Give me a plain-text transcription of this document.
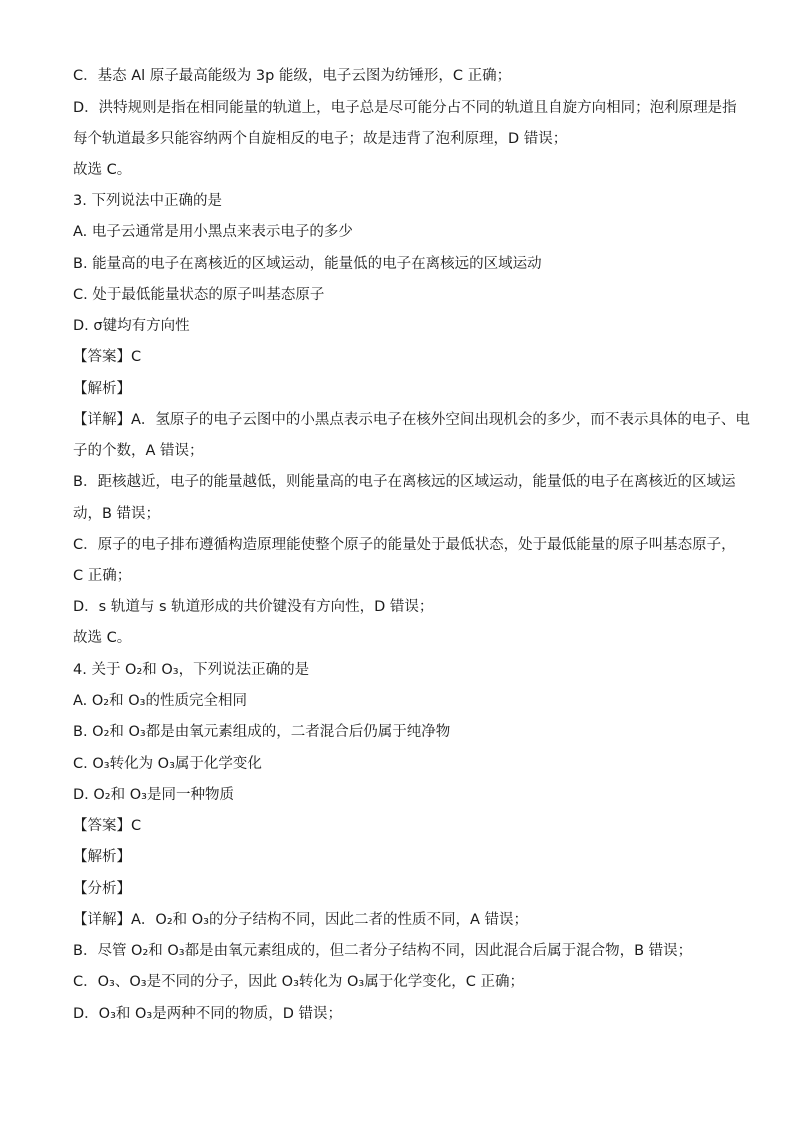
C．基态 Al 原子最高能级为 3p 能级，电子云图为纺锤形，C 正确；
D．洪特规则是指在相同能量的轨道上，电子总是尽可能分占不同的轨道且自旋方向相同；泡利原理是指
每个轨道最多只能容纳两个自旋相反的电子；故是违背了泡利原理，D 错误；
故选 C。
3. 下列说法中正确的是
A. 电子云通常是用小黑点来表示电子的多少
B. 能量高的电子在离核近的区域运动，能量低的电子在离核远的区域运动
C. 处于最低能量状态的原子叫基态原子
D. σ键均有方向性
【答案】C
【解析】
【详解】A．氢原子的电子云图中的小黑点表示电子在核外空间出现机会的多少，而不表示具体的电子、电
子的个数，A 错误；
B．距核越近，电子的能量越低，则能量高的电子在离核远的区域运动，能量低的电子在离核近的区域运
动，B 错误；
C．原子的电子排布遵循构造原理能使整个原子的能量处于最低状态，处于最低能量的原子叫基态原子，
C 正确；
D．s 轨道与 s 轨道形成的共价键没有方向性，D 错误；
故选 C。
4. 关于 O₂和 O₃，下列说法正确的是
A. O₂和 O₃的性质完全相同
B. O₂和 O₃都是由氧元素组成的，二者混合后仍属于纯净物
C. O₃转化为 O₃属于化学变化
D. O₂和 O₃是同一种物质
【答案】C
【解析】
【分析】
【详解】A．O₂和 O₃的分子结构不同，因此二者的性质不同，A 错误；
B．尽管 O₂和 O₃都是由氧元素组成的，但二者分子结构不同，因此混合后属于混合物，B 错误；
C．O₃、O₃是不同的分子，因此 O₃转化为 O₃属于化学变化，C 正确；
D．O₃和 O₃是两种不同的物质，D 错误；
